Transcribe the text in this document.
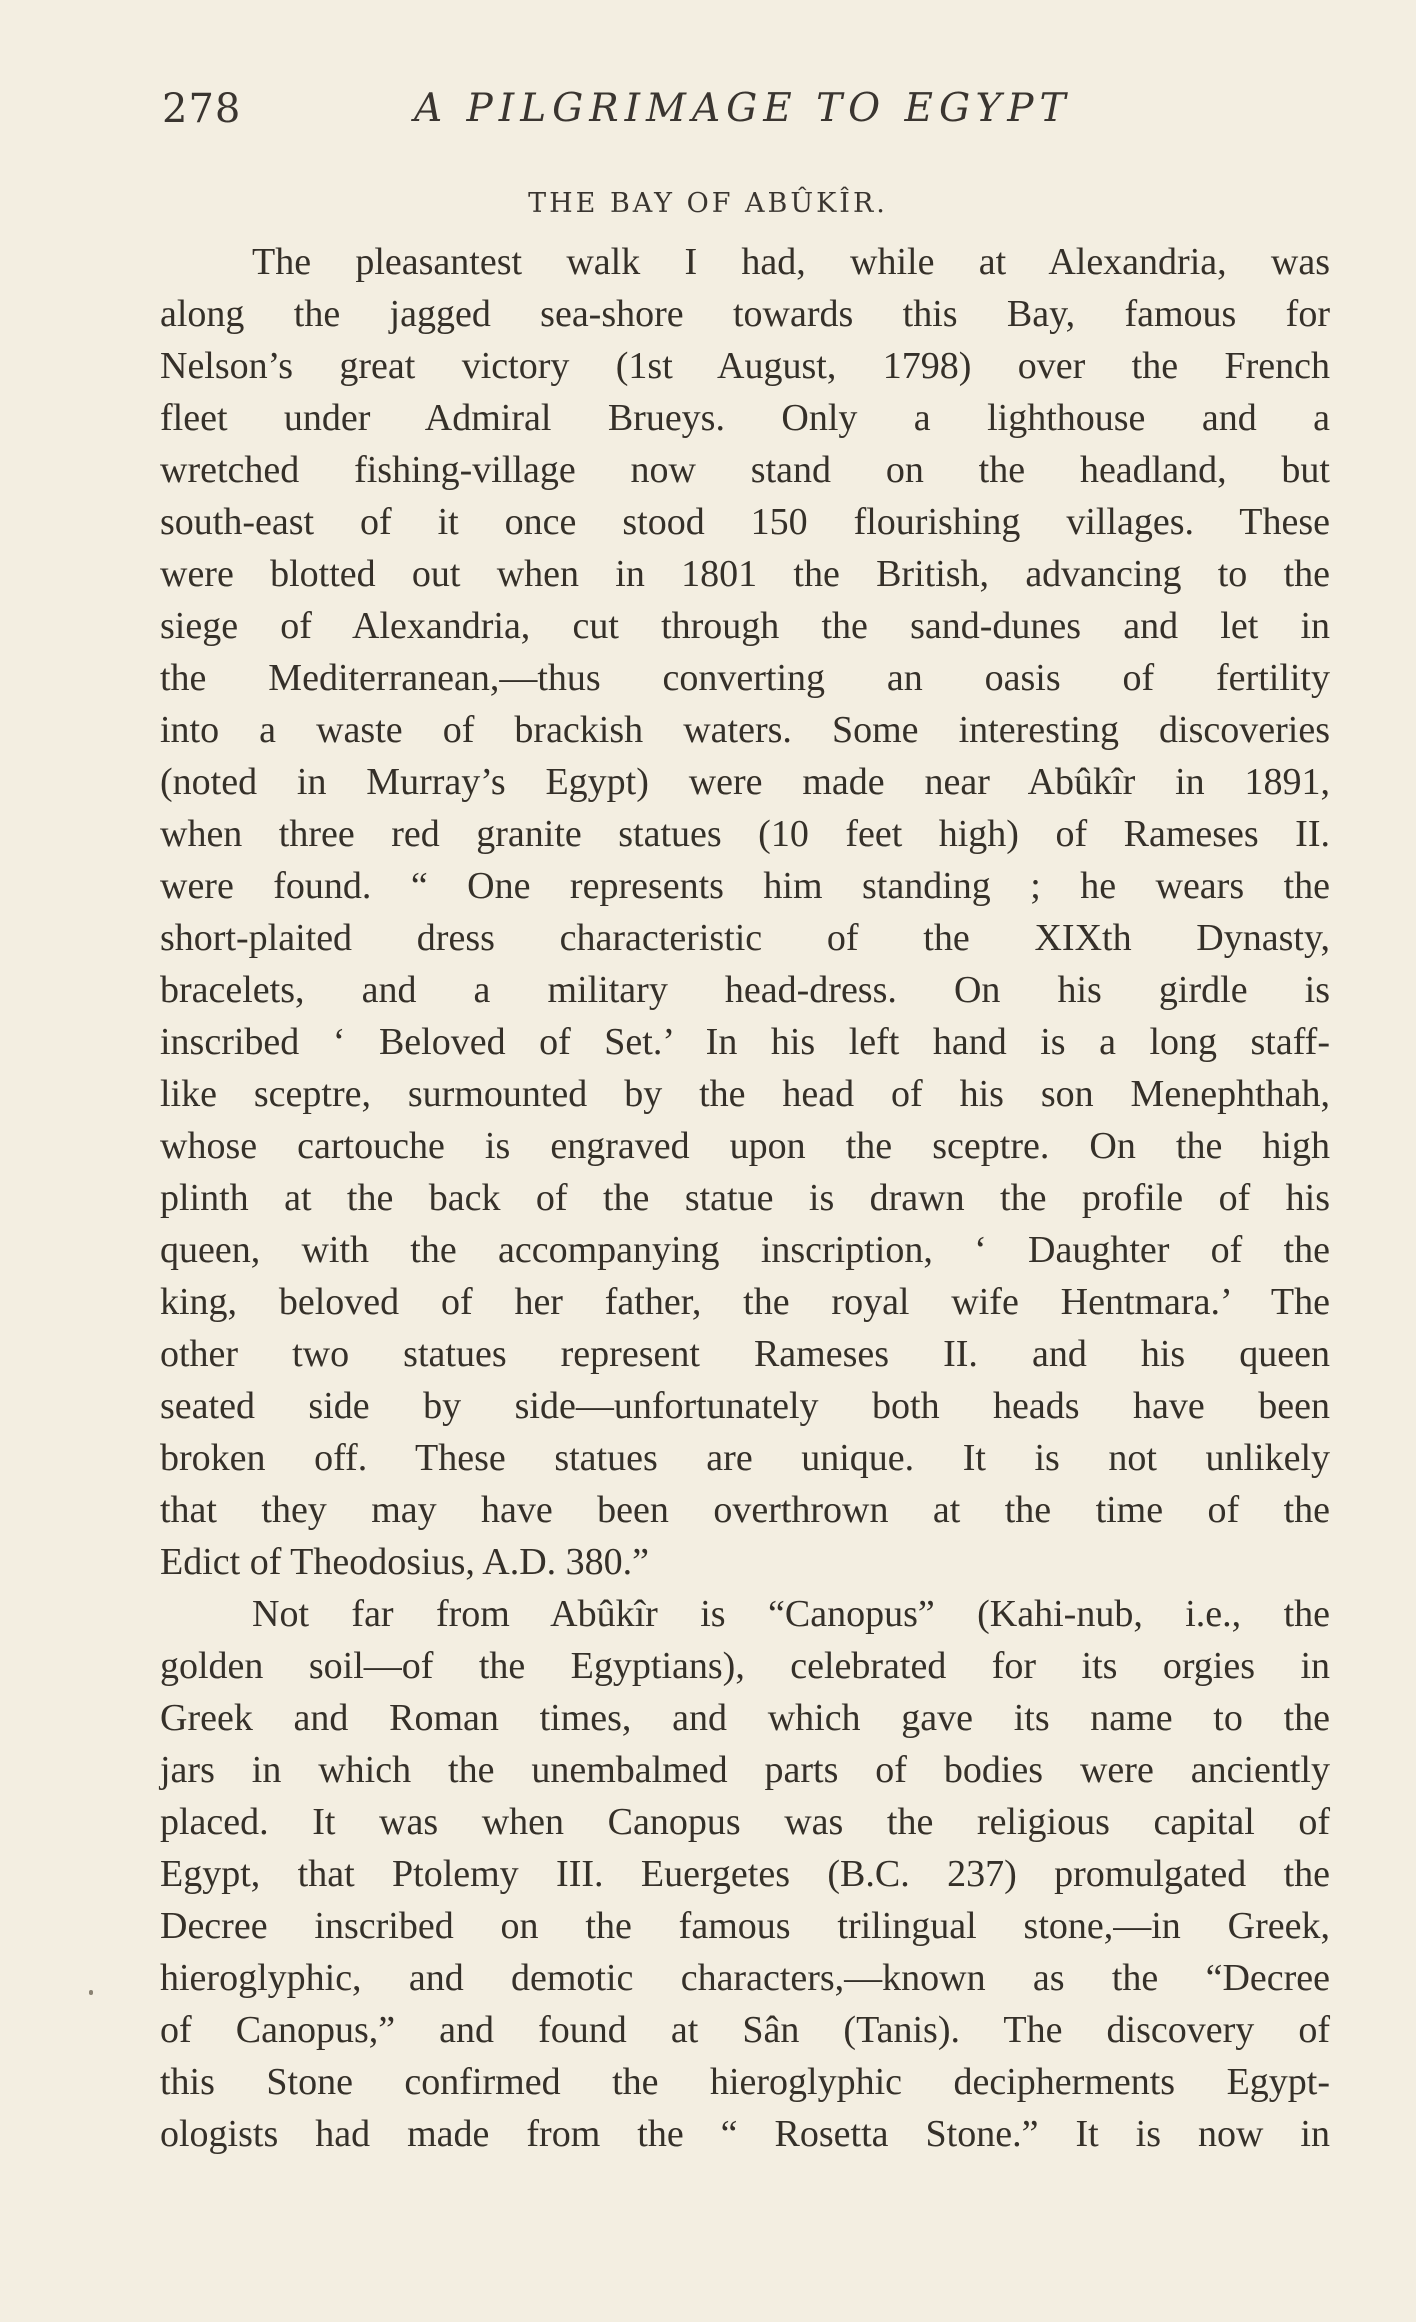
278	A PILGRIMAGE TO EGYPT
THE BAY OF ABÛKÎR.
The pleasantest walk I had, while at Alexandria, was
along the jagged sea-shore towards this Bay, famous for
Nelson’s great victory (1st August, 1798) over the French
fleet under Admiral Brueys. Only a lighthouse and a
wretched fishing-village now stand on the headland, but
south-east of it once stood 150 flourishing villages. These
were blotted out when in 1801 the British, advancing to the
siege of Alexandria, cut through the sand-dunes and let in
the Mediterranean,—thus converting an oasis of fertility
into a waste of brackish waters. Some interesting discoveries
(noted in Murray’s Egypt) were made near Abûkîr in 1891,
when three red granite statues (10 feet high) of Rameses II.
were found. “ One represents him standing ; he wears the
short-plaited dress characteristic of the XIXth Dynasty,
bracelets, and a military head-dress. On his girdle is
inscribed ‘ Beloved of Set.’ In his left hand is a long staff-
like sceptre, surmounted by the head of his son Menephthah,
whose cartouche is engraved upon the sceptre. On the high
plinth at the back of the statue is drawn the profile of his
queen, with the accompanying inscription, ‘ Daughter of the
king, beloved of her father, the royal wife Hentmara.’ The
other two statues represent Rameses II. and his queen
seated side by side—unfortunately both heads have been
broken off. These statues are unique. It is not unlikely
that they may have been overthrown at the time of the
Edict of Theodosius, A.D. 380.”
Not far from Abûkîr is “Canopus” (Kahi-nub, i.e., the
golden soil—of the Egyptians), celebrated for its orgies in
Greek and Roman times, and which gave its name to the
jars in which the unembalmed parts of bodies were anciently
placed. It was when Canopus was the religious capital of
Egypt, that Ptolemy III. Euergetes (B.C. 237) promulgated the
Decree inscribed on the famous trilingual stone,—in Greek,
hieroglyphic, and demotic characters,—known as the “Decree
of Canopus,” and found at Sân (Tanis). The discovery of
this Stone confirmed the hieroglyphic decipherments Egypt-
ologists had made from the “ Rosetta Stone.” It is now in
